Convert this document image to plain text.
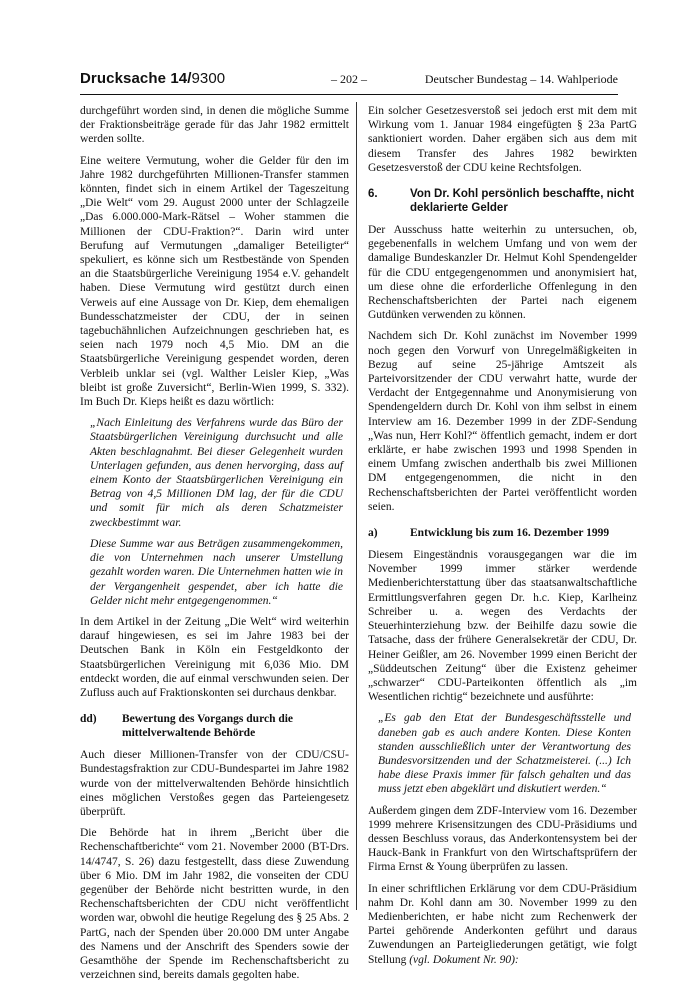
Drucksache 14/9300	– 202 –	Deutscher Bundestag – 14. Wahlperiode

durchgeführt worden sind, in denen die mögliche Summe der Fraktionsbeiträge gerade für das Jahr 1982 ermittelt werden sollte.

Eine weitere Vermutung, woher die Gelder für den im Jahre 1982 durchgeführten Millionen-Transfer stammen könnten, findet sich in einem Artikel der Tageszeitung „Die Welt“ vom 29. August 2000 unter der Schlagzeile „Das 6.000.000-Mark-Rätsel – Woher stammen die Millionen der CDU-Fraktion?“. Darin wird unter Berufung auf Vermutungen „damaliger Beteiligter“ spekuliert, es könne sich um Restbestände von Spenden an die Staatsbürgerliche Vereinigung 1954 e.V. gehandelt haben. Diese Vermutung wird gestützt durch einen Verweis auf eine Aussage von Dr. Kiep, dem ehemaligen Bundesschatzmeister der CDU, der in seinen tagebuchähnlichen Aufzeichnungen geschrieben hat, es seien nach 1979 noch 4,5 Mio. DM an die Staatsbürgerliche Vereinigung gespendet worden, deren Verbleib unklar sei (vgl. Walther Leisler Kiep, „Was bleibt ist große Zuversicht“, Berlin-Wien 1999, S. 332). Im Buch Dr. Kieps heißt es dazu wörtlich:

„Nach Einleitung des Verfahrens wurde das Büro der Staatsbürgerlichen Vereinigung durchsucht und alle Akten beschlagnahmt. Bei dieser Gelegenheit wurden Unterlagen gefunden, aus denen hervorging, dass auf einem Konto der Staatsbürgerlichen Vereinigung ein Betrag von 4,5 Millionen DM lag, der für die CDU und somit für mich als deren Schatzmeister zweckbestimmt war.

Diese Summe war aus Beträgen zusammengekommen, die von Unternehmen nach unserer Umstellung gezahlt worden waren. Die Unternehmen hatten wie in der Vergangenheit gespendet, aber ich hatte die Gelder nicht mehr entgegengenommen.“

In dem Artikel in der Zeitung „Die Welt“ wird weiterhin darauf hingewiesen, es sei im Jahre 1983 bei der Deutschen Bank in Köln ein Festgeldkonto der Staatsbürgerlichen Vereinigung mit 6,036 Mio. DM entdeckt worden, die auf einmal verschwunden seien. Der Zufluss auch auf Fraktionskonten sei durchaus denkbar.

dd)	Bewertung des Vorgangs durch die mittelverwaltende Behörde

Auch dieser Millionen-Transfer von der CDU/CSU-Bundestagsfraktion zur CDU-Bundespartei im Jahre 1982 wurde von der mittelverwaltenden Behörde hinsichtlich eines möglichen Verstoßes gegen das Parteiengesetz überprüft.

Die Behörde hat in ihrem „Bericht über die Rechenschaftberichte“ vom 21. November 2000 (BT-Drs. 14/4747, S. 26) dazu festgestellt, dass diese Zuwendung über 6 Mio. DM im Jahr 1982, die vonseiten der CDU gegenüber der Behörde nicht bestritten wurde, in den Rechenschaftsberichten der CDU nicht veröffentlicht worden war, obwohl die heutige Regelung des § 25 Abs. 2 PartG, nach der Spenden über 20.000 DM unter Angabe des Namens und der Anschrift des Spenders sowie der Gesamthöhe der Spende im Rechenschaftsbericht zu verzeichnen sind, bereits damals gegolten habe.

Ein solcher Gesetzesverstoß sei jedoch erst mit dem mit Wirkung vom 1. Januar 1984 eingefügten § 23a PartG sanktioniert worden. Daher ergäben sich aus dem mit diesem Transfer des Jahres 1982 bewirkten Gesetzesverstoß der CDU keine Rechtsfolgen.

6.	Von Dr. Kohl persönlich beschaffte, nicht deklarierte Gelder

Der Ausschuss hatte weiterhin zu untersuchen, ob, gegebenenfalls in welchem Umfang und von wem der damalige Bundeskanzler Dr. Helmut Kohl Spendengelder für die CDU entgegengenommen und anonymisiert hat, um diese ohne die erforderliche Offenlegung in den Rechenschaftsberichten der Partei nach eigenem Gutdünken verwenden zu können.

Nachdem sich Dr. Kohl zunächst im November 1999 noch gegen den Vorwurf von Unregelmäßigkeiten in Bezug auf seine 25-jährige Amtszeit als Parteivorsitzender der CDU verwahrt hatte, wurde der Verdacht der Entgegennahme und Anonymisierung von Spendengeldern durch Dr. Kohl von ihm selbst in einem Interview am 16. Dezember 1999 in der ZDF-Sendung „Was nun, Herr Kohl?“ öffentlich gemacht, indem er dort erklärte, er habe zwischen 1993 und 1998 Spenden in einem Umfang zwischen anderthalb bis zwei Millionen DM entgegengenommen, die nicht in den Rechenschaftsberichten der Partei veröffentlicht worden seien.

a)	Entwicklung bis zum 16. Dezember 1999

Diesem Eingeständnis vorausgegangen war die im November 1999 immer stärker werdende Medienberichterstattung über das staatsanwaltschaftliche Ermittlungsverfahren gegen Dr. h.c. Kiep, Karlheinz Schreiber u. a. wegen des Verdachts der Steuerhinterziehung bzw. der Beihilfe dazu sowie die Tatsache, dass der frühere Generalsekretär der CDU, Dr. Heiner Geißler, am 26. November 1999 einen Bericht der „Süddeutschen Zeitung“ über die Existenz geheimer „schwarzer“ CDU-Parteikonten öffentlich als „im Wesentlichen richtig“ bezeichnete und ausführte:

„Es gab den Etat der Bundesgeschäftsstelle und daneben gab es auch andere Konten. Diese Konten standen ausschließlich unter der Verantwortung des Bundesvorsitzenden und der Schatzmeisterei. (...) Ich habe diese Praxis immer für falsch gehalten und das muss jetzt eben abgeklärt und diskutiert werden.“

Außerdem gingen dem ZDF-Interview vom 16. Dezember 1999 mehrere Krisensitzungen des CDU-Präsidiums und dessen Beschluss voraus, das Anderkontensystem bei der Hauck-Bank in Frankfurt von den Wirtschaftsprüfern der Firma Ernst & Young überprüfen zu lassen.

In einer schriftlichen Erklärung vor dem CDU-Präsidium nahm Dr. Kohl dann am 30. November 1999 zu den Medienberichten, er habe nicht zum Rechenwerk der Partei gehörende Anderkonten geführt und daraus Zuwendungen an Parteigliederungen getätigt, wie folgt Stellung (vgl. Dokument Nr. 90):
